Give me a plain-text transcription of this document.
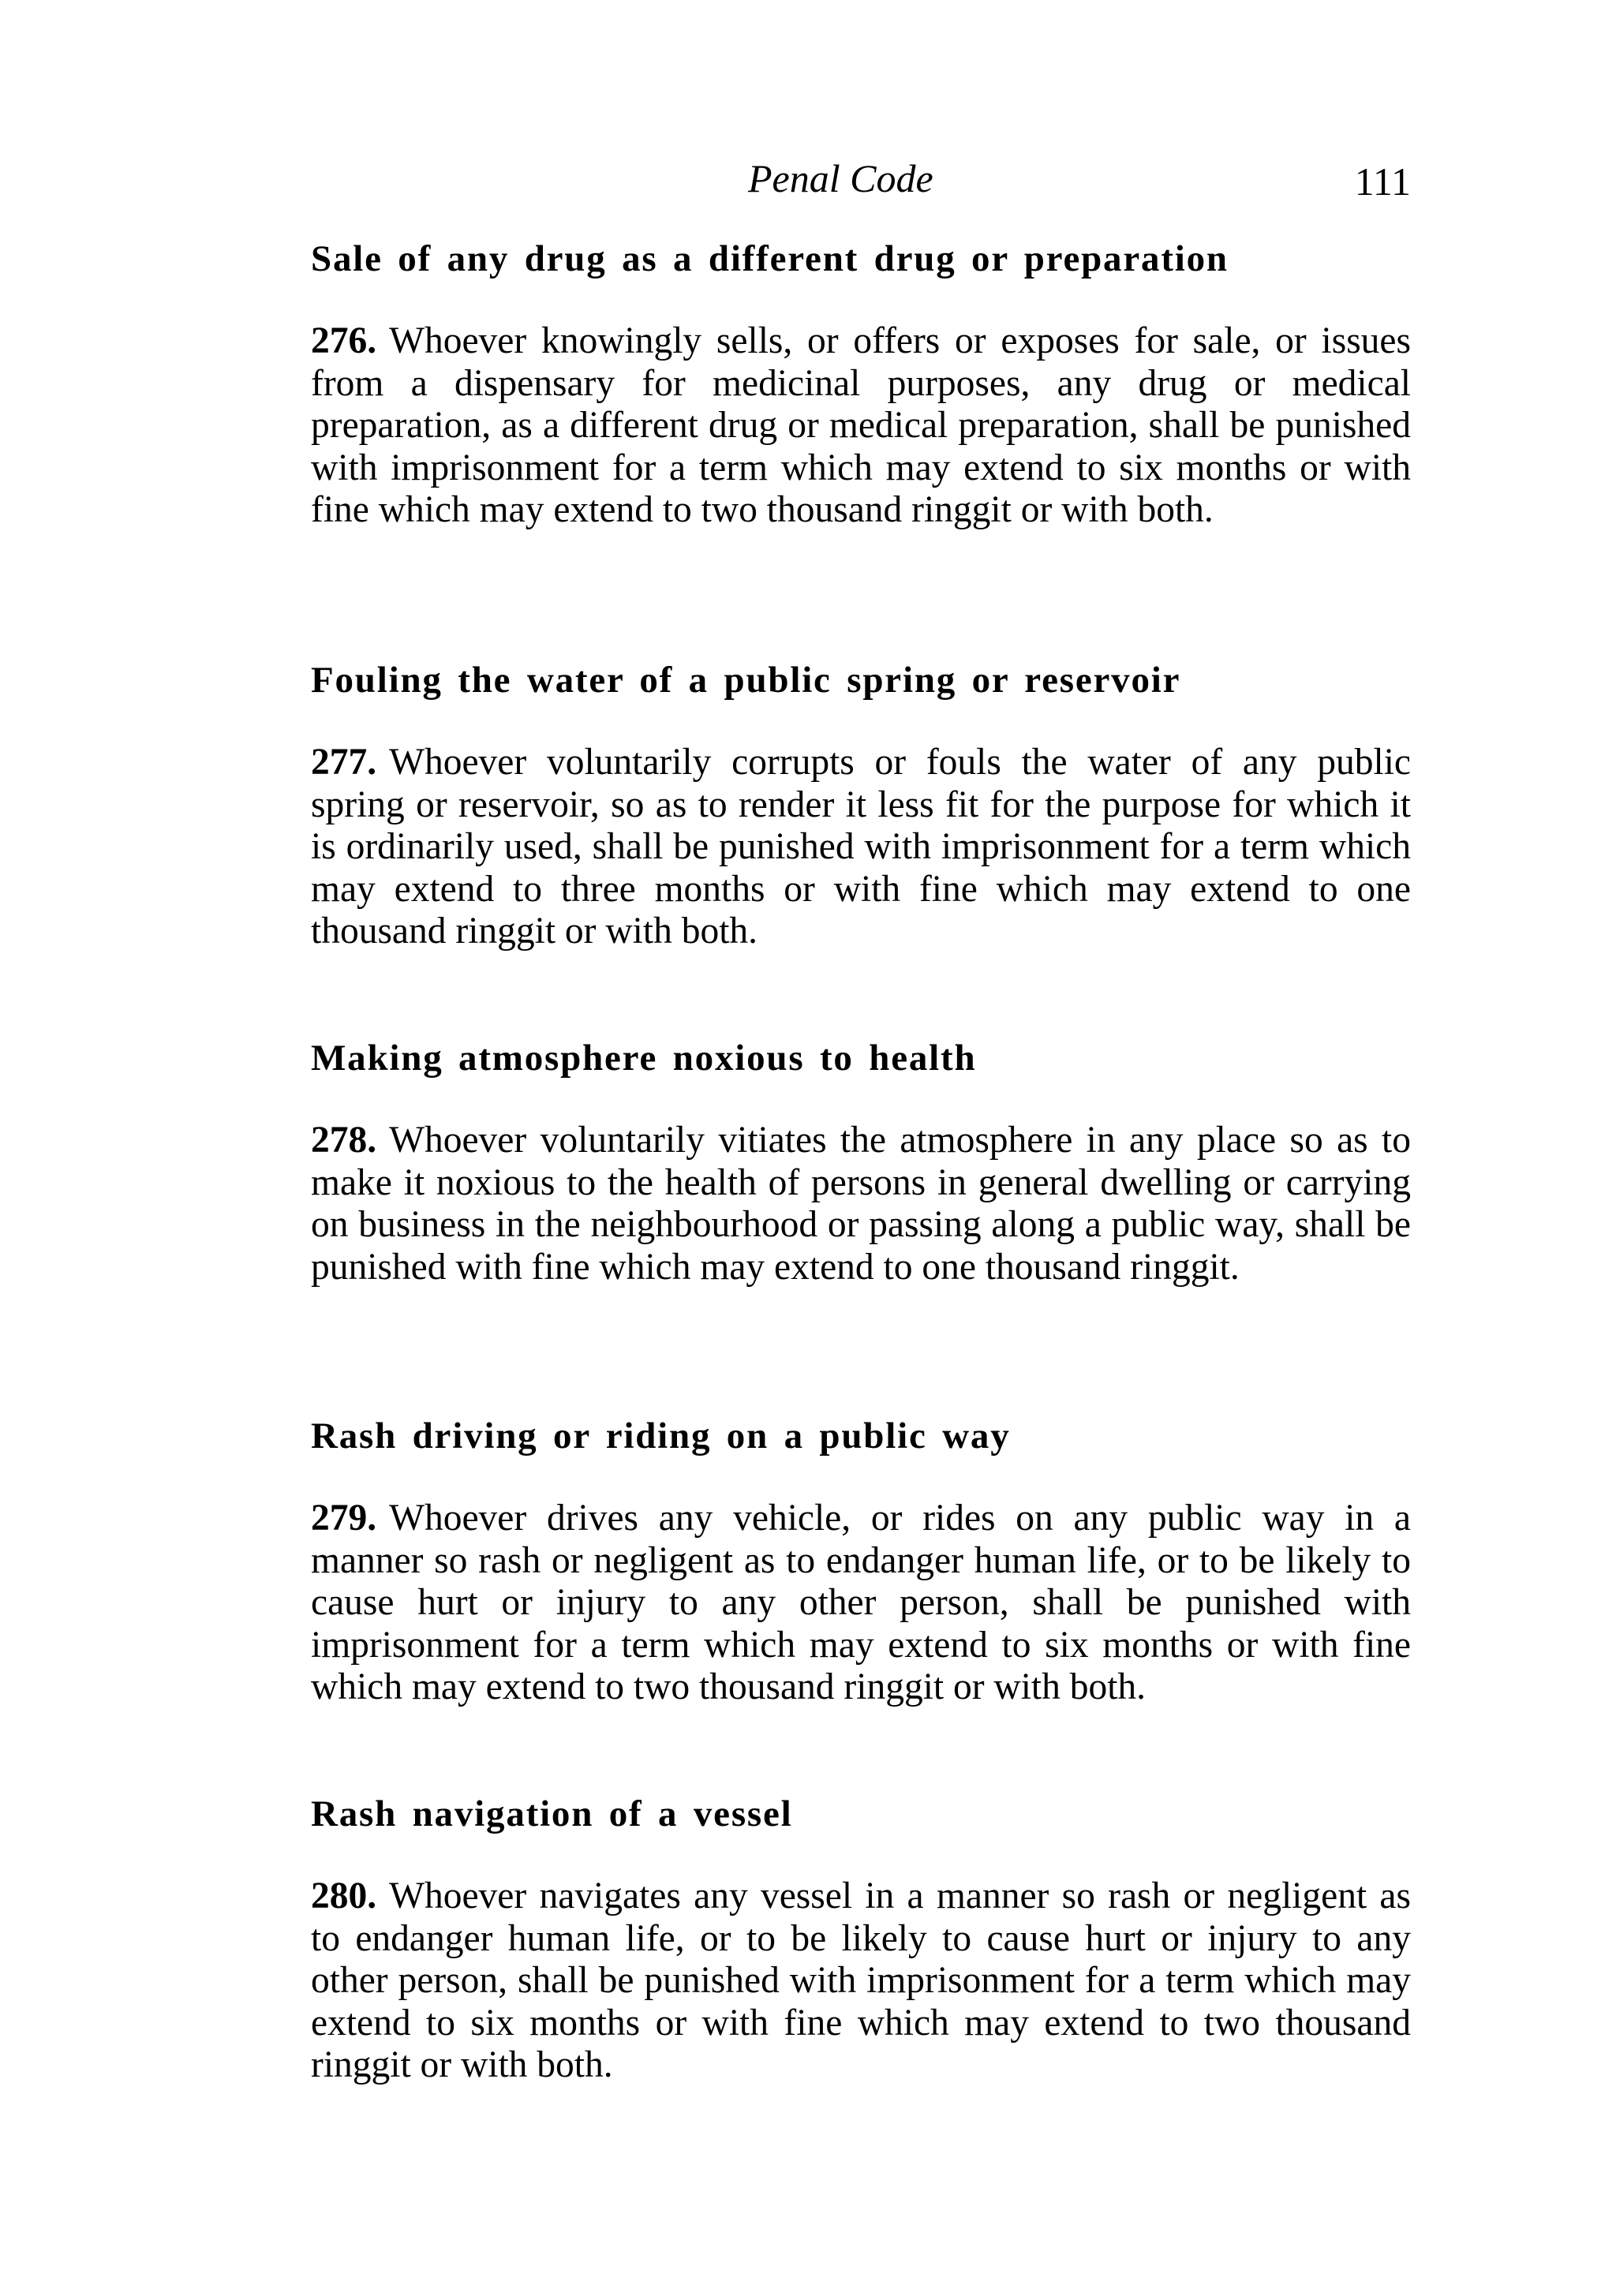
Penal Code	111
Sale of any drug as a different drug or preparation

276. Whoever knowingly sells, or offers or exposes for sale, or issues from a dispensary for medicinal purposes, any drug or medical preparation, as a different drug or medical preparation, shall be punished with imprisonment for a term which may extend to six months or with fine which may extend to two thousand ringgit or with both.

Fouling the water of a public spring or reservoir

277. Whoever voluntarily corrupts or fouls the water of any public spring or reservoir, so as to render it less fit for the purpose for which it is ordinarily used, shall be punished with imprisonment for a term which may extend to three months or with fine which may extend to one thousand ringgit or with both.

Making atmosphere noxious to health

278. Whoever voluntarily vitiates the atmosphere in any place so as to make it noxious to the health of persons in general dwelling or carrying on business in the neighbourhood or passing along a public way, shall be punished with fine which may extend to one thousand ringgit.

Rash driving or riding on a public way

279. Whoever drives any vehicle, or rides on any public way in a manner so rash or negligent as to endanger human life, or to be likely to cause hurt or injury to any other person, shall be punished with imprisonment for a term which may extend to six months or with fine which may extend to two thousand ringgit or with both.

Rash navigation of a vessel

280. Whoever navigates any vessel in a manner so rash or negligent as to endanger human life, or to be likely to cause hurt or injury to any other person, shall be punished with imprisonment for a term which may extend to six months or with fine which may extend to two thousand ringgit or with both.
